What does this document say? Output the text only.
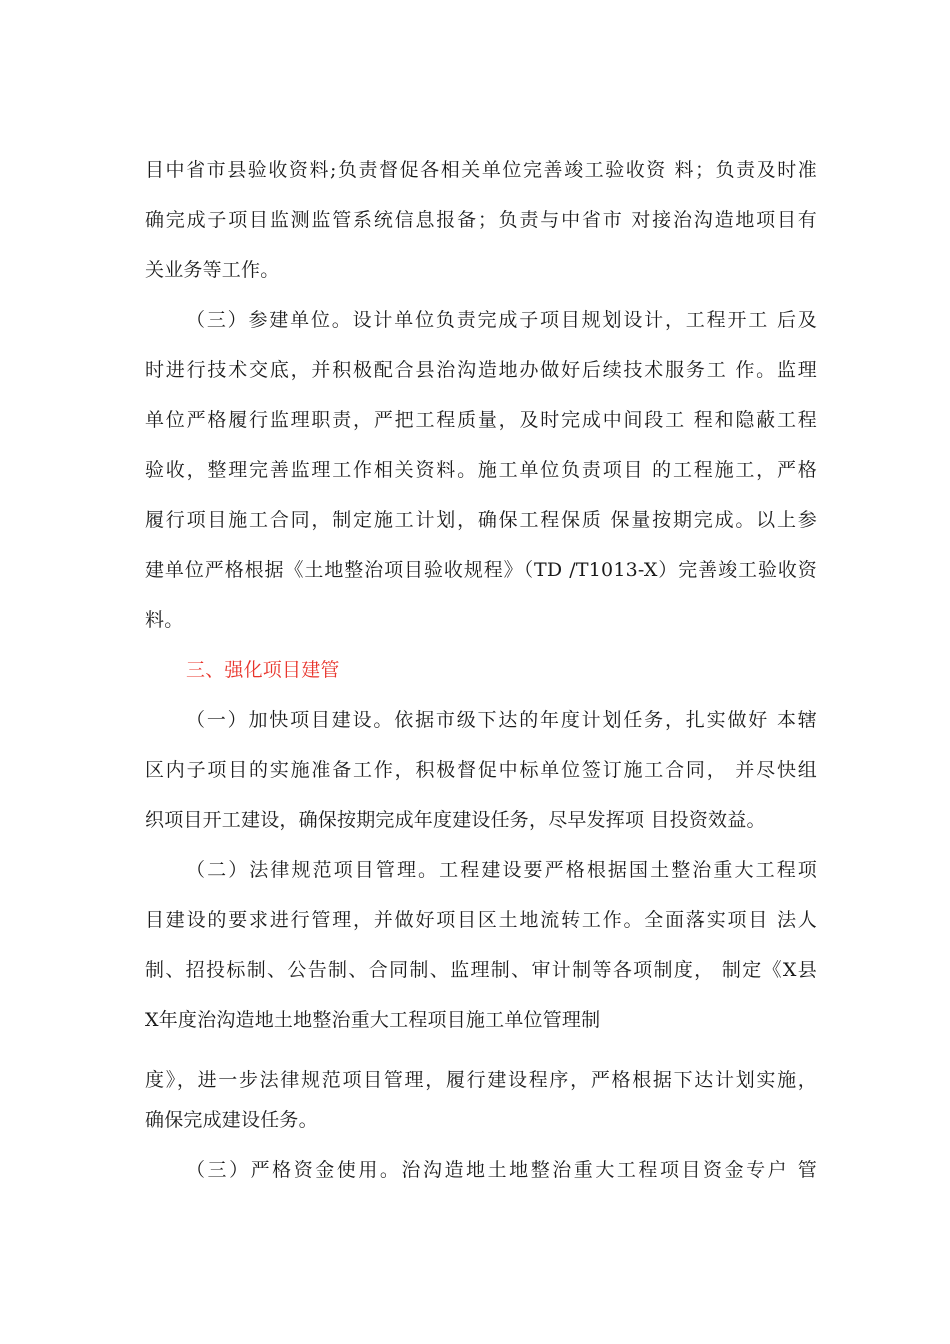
目中省市县验收资料;负责督促各相关单位完善竣工验收资 料；负责及时准
确完成子项目监测监管系统信息报备；负责与中省市 对接治沟造地项目有
关业务等工作。
（三）参建单位。设计单位负责完成子项目规划设计，工程开工 后及
时进行技术交底，并积极配合县治沟造地办做好后续技术服务工 作。监理
单位严格履行监理职责，严把工程质量，及时完成中间段工 程和隐蔽工程
验收，整理完善监理工作相关资料。施工单位负责项目 的工程施工，严格
履行项目施工合同，制定施工计划，确保工程保质 保量按期完成。以上参
建单位严格根据《土地整治项目验收规程》（TD /T1013-X）完善竣工验收资
料。
三、强化项目建管
（一）加快项目建设。依据市级下达的年度计划任务，扎实做好 本辖
区内子项目的实施准备工作，积极督促中标单位签订施工合同， 并尽快组
织项目开工建设，确保按期完成年度建设任务，尽早发挥项 目投资效益。
（二）法律规范项目管理。工程建设要严格根据国土整治重大工程项
目建设的要求进行管理，并做好项目区土地流转工作。全面落实项目 法人
制、招投标制、公告制、合同制、监理制、审计制等各项制度， 制定《X县
X年度治沟造地土地整治重大工程项目施工单位管理制
度》，进一步法律规范项目管理，履行建设程序，严格根据下达计划实施，
确保完成建设任务。
（三）严格资金使用。治沟造地土地整治重大工程项目资金专户 管
